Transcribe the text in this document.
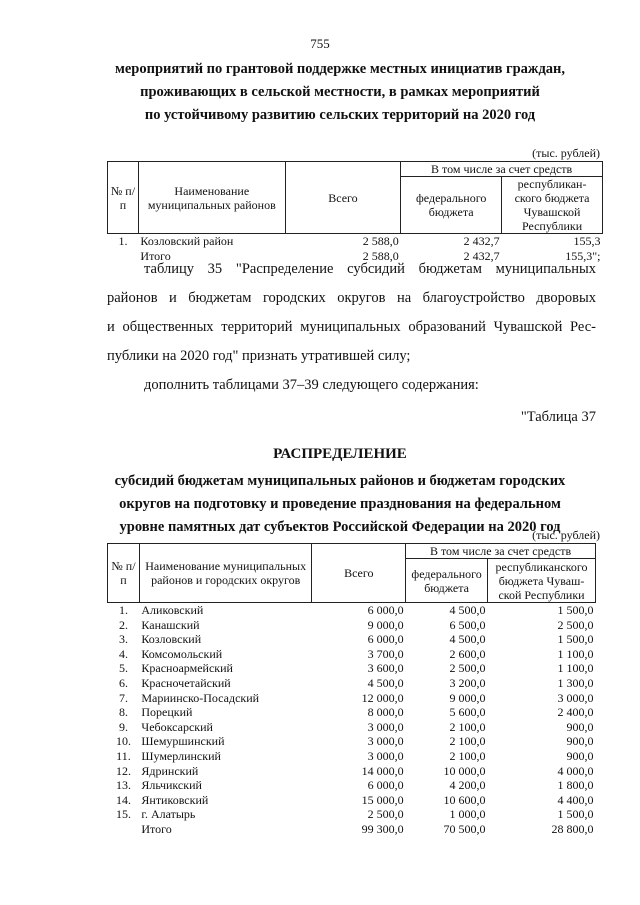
755
мероприятий по грантовой поддержке местных инициатив граждан,
проживающих в сельской местности, в рамках мероприятий
по устойчивому развитию сельских территорий на 2020 год
(тыс. рублей)
№ п/п	Наименование муниципальных районов	Всего	В том числе за счет средств	
			федерального бюджета	республикан-ского бюджета Чувашской Республики
1.	Козловский район	2 588,0	2 432,7	155,3
	Итого	2 588,0	2 432,7	155,3";
таблицу 35 "Распределение субсидий бюджетам муниципальных
районов и бюджетам городских округов на благоустройство дворовых
и общественных территорий муниципальных образований Чувашской Рес-
публики на 2020 год" признать утратившей силу;
дополнить таблицами 37–39 следующего содержания:
"Таблица 37
РАСПРЕДЕЛЕНИЕ
субсидий бюджетам муниципальных районов и бюджетам городских
округов на подготовку и проведение празднования на федеральном
уровне памятных дат субъектов Российской Федерации на 2020 год
(тыс. рублей)
№ п/п	Наименование муниципальных районов и городских округов	Всего	В том числе за счет средств	
			федерального бюджета	республиканского бюджета Чуваш-ской Республики
1.	Аликовский	6 000,0	4 500,0	1 500,0
2.	Канашский	9 000,0	6 500,0	2 500,0
3.	Козловский	6 000,0	4 500,0	1 500,0
4.	Комсомольский	3 700,0	2 600,0	1 100,0
5.	Красноармейский	3 600,0	2 500,0	1 100,0
6.	Красночетайский	4 500,0	3 200,0	1 300,0
7.	Мариинско-Посадский	12 000,0	9 000,0	3 000,0
8.	Порецкий	8 000,0	5 600,0	2 400,0
9.	Чебоксарский	3 000,0	2 100,0	900,0
10.	Шемуршинский	3 000,0	2 100,0	900,0
11.	Шумерлинский	3 000,0	2 100,0	900,0
12.	Ядринский	14 000,0	10 000,0	4 000,0
13.	Яльчикский	6 000,0	4 200,0	1 800,0
14.	Янтиковский	15 000,0	10 600,0	4 400,0
15.	г. Алатырь	2 500,0	1 000,0	1 500,0
	Итого	99 300,0	70 500,0	28 800,0
